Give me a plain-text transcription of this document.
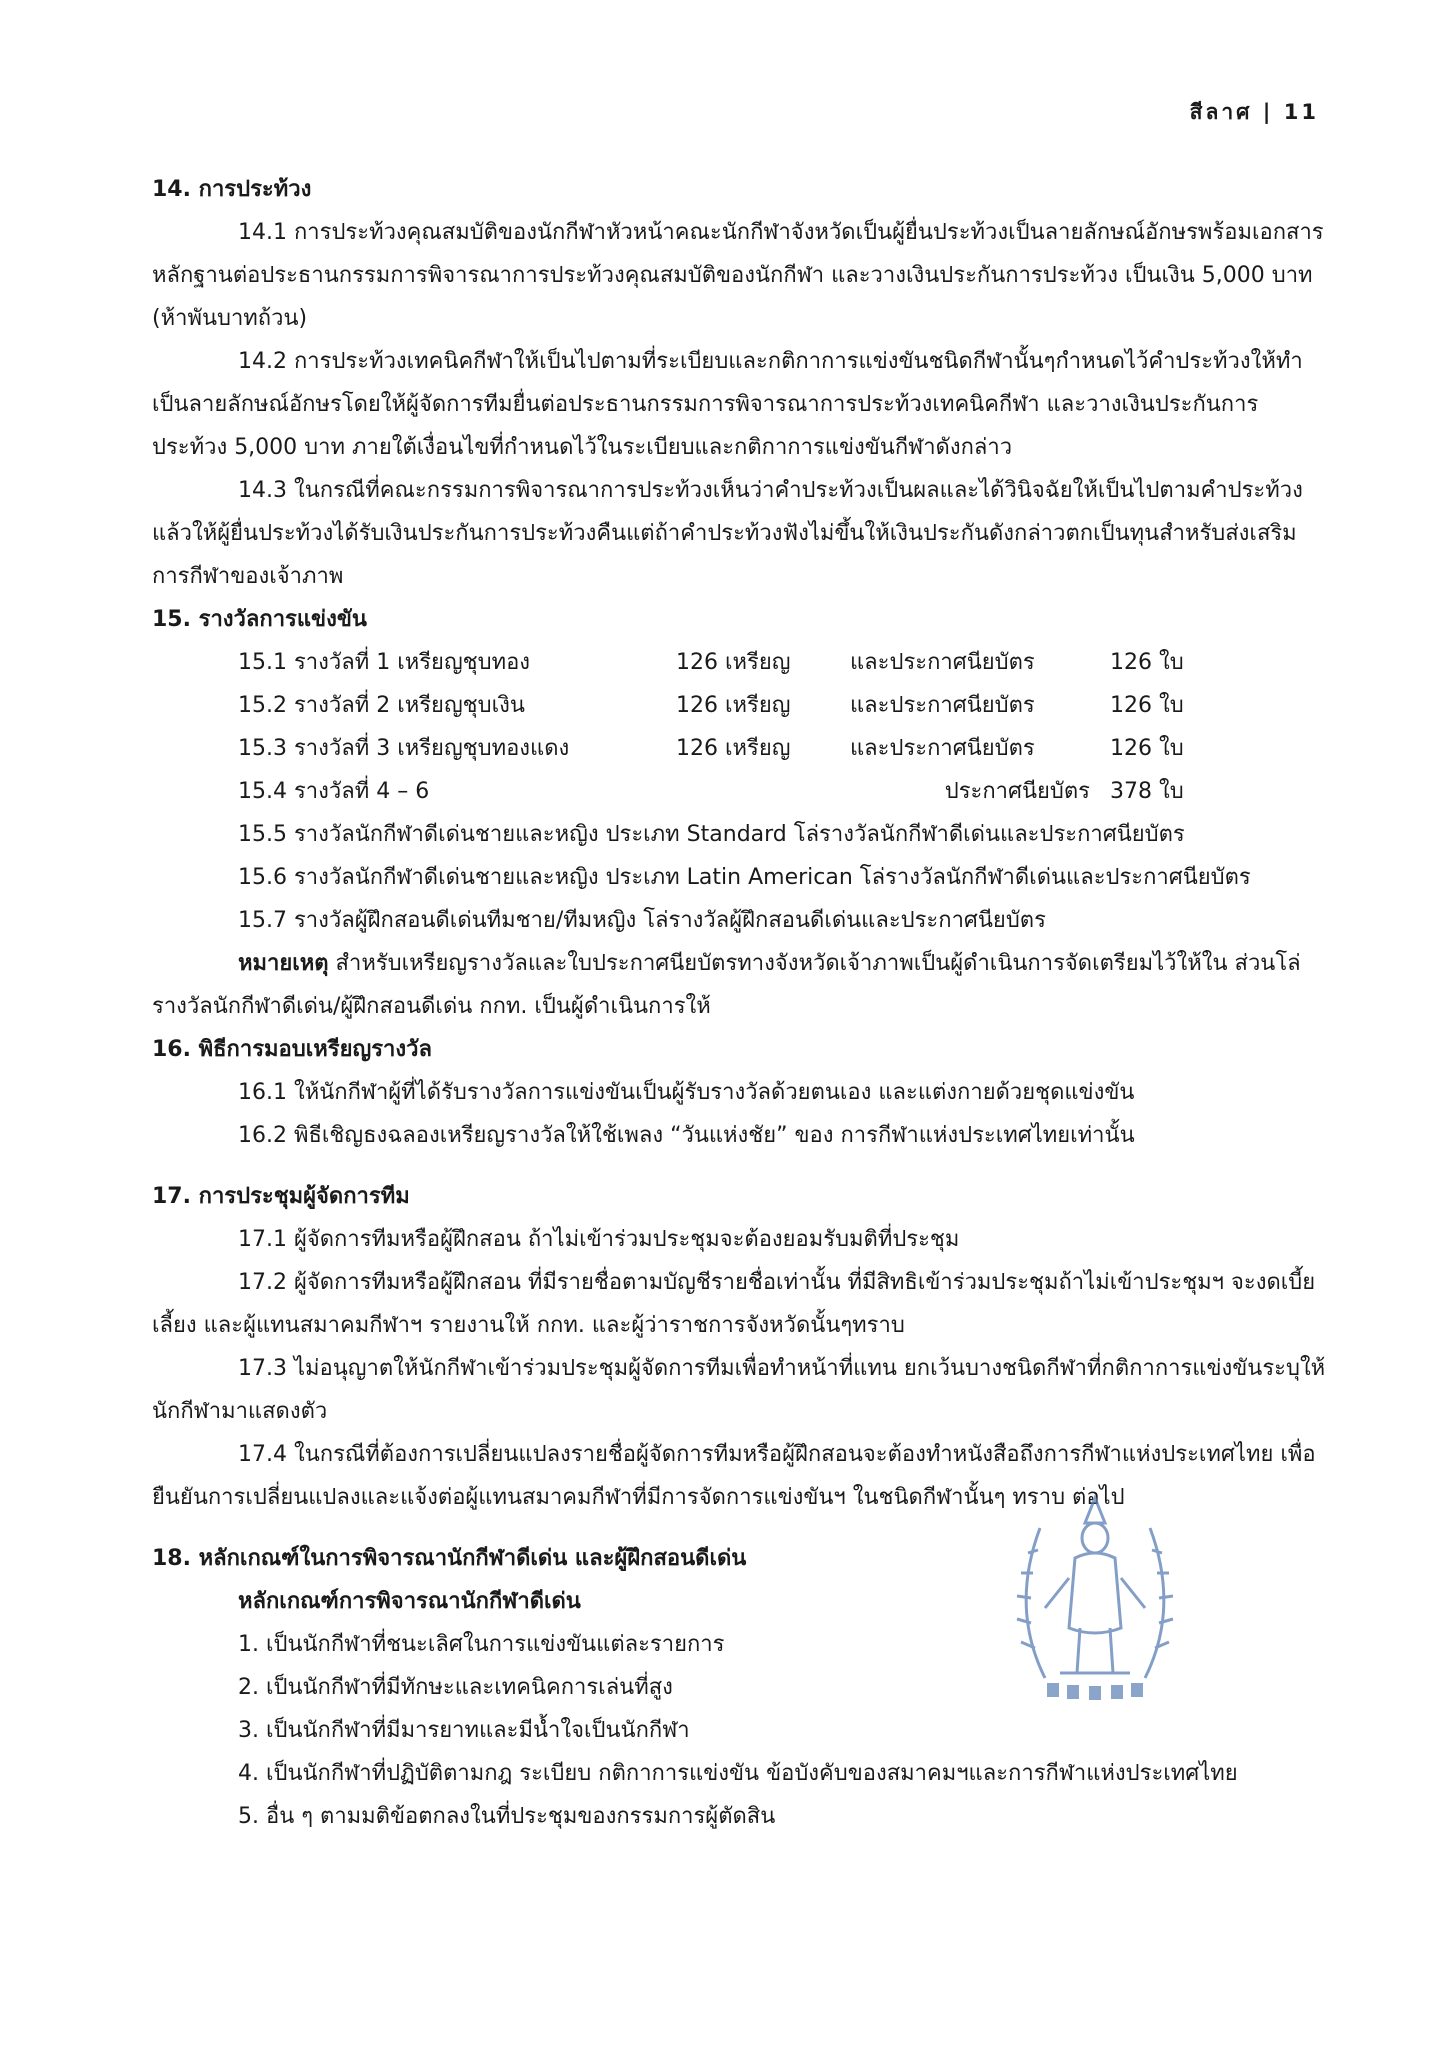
สีลาศ | 11

14. การประท้วง

14.1 การประท้วงคุณสมบัติของนักกีฬาหัวหน้าคณะนักกีฬาจังหวัดเป็นผู้ยื่นประท้วงเป็นลายลักษณ์อักษรพร้อมเอกสารหลักฐานต่อประธานกรรมการพิจารณาการประท้วงคุณสมบัติของนักกีฬา และวางเงินประกันการประท้วง เป็นเงิน 5,000 บาท (ห้าพันบาทถ้วน)

14.2 การประท้วงเทคนิคกีฬาให้เป็นไปตามที่ระเบียบและกติกาการแข่งขันชนิดกีฬานั้นๆกำหนดไว้คำประท้วงให้ทำเป็นลายลักษณ์อักษรโดยให้ผู้จัดการทีมยื่นต่อประธานกรรมการพิจารณาการประท้วงเทคนิคกีฬา และวางเงินประกันการประท้วง 5,000 บาท ภายใต้เงื่อนไขที่กำหนดไว้ในระเบียบและกติกาการแข่งขันกีฬาดังกล่าว

14.3 ในกรณีที่คณะกรรมการพิจารณาการประท้วงเห็นว่าคำประท้วงเป็นผลและได้วินิจฉัยให้เป็นไปตามคำประท้วงแล้วให้ผู้ยื่นประท้วงได้รับเงินประกันการประท้วงคืนแต่ถ้าคำประท้วงฟังไม่ขึ้นให้เงินประกันดังกล่าวตกเป็นทุนสำหรับส่งเสริมการกีฬาของเจ้าภาพ

15. รางวัลการแข่งขัน

15.1 รางวัลที่ 1 เหรียญชุบทอง	126 เหรียญ	และประกาศนียบัตร	126 ใบ
15.2 รางวัลที่ 2 เหรียญชุบเงิน	126 เหรียญ	และประกาศนียบัตร	126 ใบ
15.3 รางวัลที่ 3 เหรียญชุบทองแดง	126 เหรียญ	และประกาศนียบัตร	126 ใบ
15.4 รางวัลที่ 4 – 6	ประกาศนียบัตร 378 ใบ

15.5 รางวัลนักกีฬาดีเด่นชายและหญิง ประเภท Standard โล่รางวัลนักกีฬาดีเด่นและประกาศนียบัตร

15.6 รางวัลนักกีฬาดีเด่นชายและหญิง ประเภท Latin American โล่รางวัลนักกีฬาดีเด่นและประกาศนียบัตร

15.7 รางวัลผู้ฝึกสอนดีเด่นทีมชาย/ทีมหญิง โล่รางวัลผู้ฝึกสอนดีเด่นและประกาศนียบัตร

หมายเหตุ สำหรับเหรียญรางวัลและใบประกาศนียบัตรทางจังหวัดเจ้าภาพเป็นผู้ดำเนินการจัดเตรียมไว้ให้ใน ส่วนโล่รางวัลนักกีฬาดีเด่น/ผู้ฝึกสอนดีเด่น กกท. เป็นผู้ดำเนินการให้

16. พิธีการมอบเหรียญรางวัล

16.1 ให้นักกีฬาผู้ที่ได้รับรางวัลการแข่งขันเป็นผู้รับรางวัลด้วยตนเอง และแต่งกายด้วยชุดแข่งขัน

16.2 พิธีเชิญธงฉลองเหรียญรางวัลให้ใช้เพลง “วันแห่งชัย” ของ การกีฬาแห่งประเทศไทยเท่านั้น

17. การประชุมผู้จัดการทีม

17.1 ผู้จัดการทีมหรือผู้ฝึกสอน ถ้าไม่เข้าร่วมประชุมจะต้องยอมรับมติที่ประชุม

17.2 ผู้จัดการทีมหรือผู้ฝึกสอน ที่มีรายชื่อตามบัญชีรายชื่อเท่านั้น ที่มีสิทธิเข้าร่วมประชุมถ้าไม่เข้าประชุมฯ จะงดเบี้ยเลี้ยง และผู้แทนสมาคมกีฬาฯ รายงานให้ กกท. และผู้ว่าราชการจังหวัดนั้นๆทราบ

17.3 ไม่อนุญาตให้นักกีฬาเข้าร่วมประชุมผู้จัดการทีมเพื่อทำหน้าที่แทน ยกเว้นบางชนิดกีฬาที่กติกาการแข่งขันระบุให้นักกีฬามาแสดงตัว

17.4 ในกรณีที่ต้องการเปลี่ยนแปลงรายชื่อผู้จัดการทีมหรือผู้ฝึกสอนจะต้องทำหนังสือถึงการกีฬาแห่งประเทศไทย เพื่อยืนยันการเปลี่ยนแปลงและแจ้งต่อผู้แทนสมาคมกีฬาที่มีการจัดการแข่งขันฯ ในชนิดกีฬานั้นๆ ทราบ ต่อไป

18. หลักเกณฑ์ในการพิจารณานักกีฬาดีเด่น และผู้ฝึกสอนดีเด่น

หลักเกณฑ์การพิจารณานักกีฬาดีเด่น

1. เป็นนักกีฬาที่ชนะเลิศในการแข่งขันแต่ละรายการ

2. เป็นนักกีฬาที่มีทักษะและเทคนิคการเล่นที่สูง

3. เป็นนักกีฬาที่มีมารยาทและมีน้ำใจเป็นนักกีฬา

4. เป็นนักกีฬาที่ปฏิบัติตามกฎ ระเบียบ กติกาการแข่งขัน ข้อบังคับของสมาคมฯและการกีฬาแห่งประเทศไทย

5. อื่น ๆ ตามมติข้อตกลงในที่ประชุมของกรรมการผู้ตัดสิน
